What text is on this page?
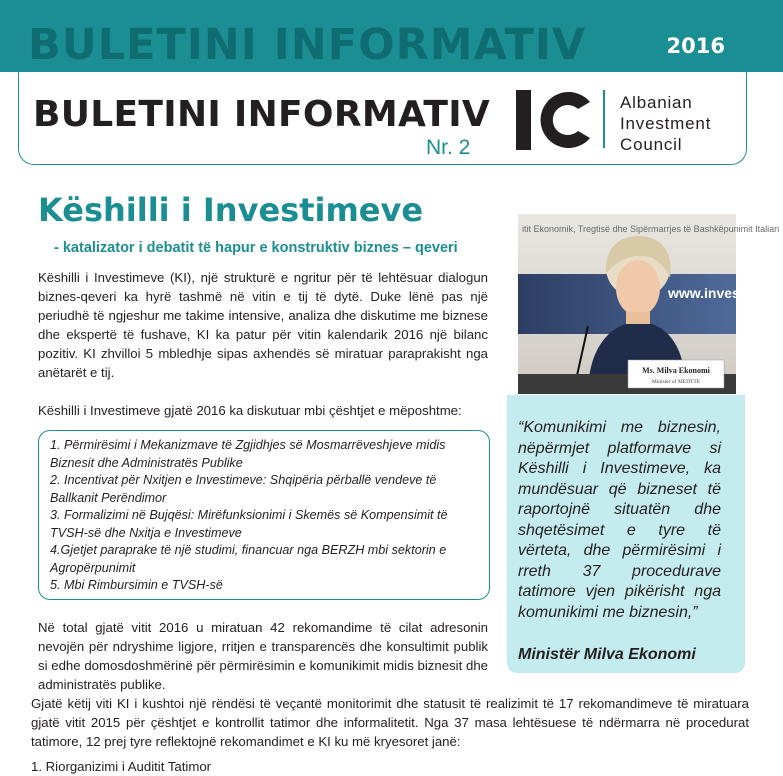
BULETINI INFORMATIV	2016
BULETINI INFORMATIV
Nr. 2
Albanian
Investment
Council
Këshilli i Investimeve
- katalizator i debatit të hapur e konstruktiv biznes – qeveri

Këshilli i Investimeve (KI), një strukturë e ngritur për të lehtësuar dialogun biznes-qeveri ka hyrë tashmë në vitin e tij të dytë. Duke lënë pas një periudhë të ngjeshur me takime intensive, analiza dhe diskutime me biznese dhe ekspertë të fushave, KI ka patur për vitin kalendarik 2016 një bilanc pozitiv. KI zhvilloi 5 mbledhje sipas axhendës së miratuar paraprakisht nga anëtarët e tij.

Këshilli i Investimeve gjatë 2016 ka diskutuar mbi çështjet e mëposhtme:

1. Përmirësimi i Mekanizmave të Zgjidhjes së Mosmarrëveshjeve midis Biznesit dhe Administratës Publike
2. Incentivat për Nxitjen e Investimeve: Shqipëria përballë vendeve të Ballkanit Perëndimor
3. Formalizimi në Bujqësi: Mirëfunksionimi i Skemës së Kompensimit të TVSH-së dhe Nxitja e Investimeve
4.Gjetjet paraprake të një studimi, financuar nga BERZH mbi sektorin e Agropërpunimit
5. Mbi Rimbursimin e TVSH-së

Në total gjatë vitit 2016 u miratuan 42 rekomandime të cilat adresonin nevojën për ndryshime ligjore, rritjen e transparencës dhe konsultimit publik si edhe domosdoshmërinë për përmirësimin e komunikimit midis biznesit dhe administratës publike.

Gjatë këtij viti KI i kushtoi një rëndësi të veçantë monitorimit dhe statusit të realizimit të 17 rekomandimeve të miratuara gjatë vitit 2015 për çështjet e kontrollit tatimor dhe informalitetit. Nga 37 masa lehtësuese të ndërmarra në procedurat tatimore, 12 prej tyre reflektojnë rekomandimet e KI ku më kryesoret janë:

1. Riorganizimi i Auditit Tatimor
itit Ekonomik, Tregtisë dhe Sipërmarrjes të Bashkëpunimit Italian
www.inves
Ms. Milva Ekonomi
Minister of MEDTTE

“Komunikimi me biznesin, nëpërmjet platformave si Këshilli i Investimeve, ka mundësuar që bizneset të raportojnë situatën dhe shqetësimet e tyre të vërteta, dhe përmirësimi i rreth 37 procedurave tatimore vjen pikërisht nga komunikimi me biznesin,”

Ministër Milva Ekonomi
